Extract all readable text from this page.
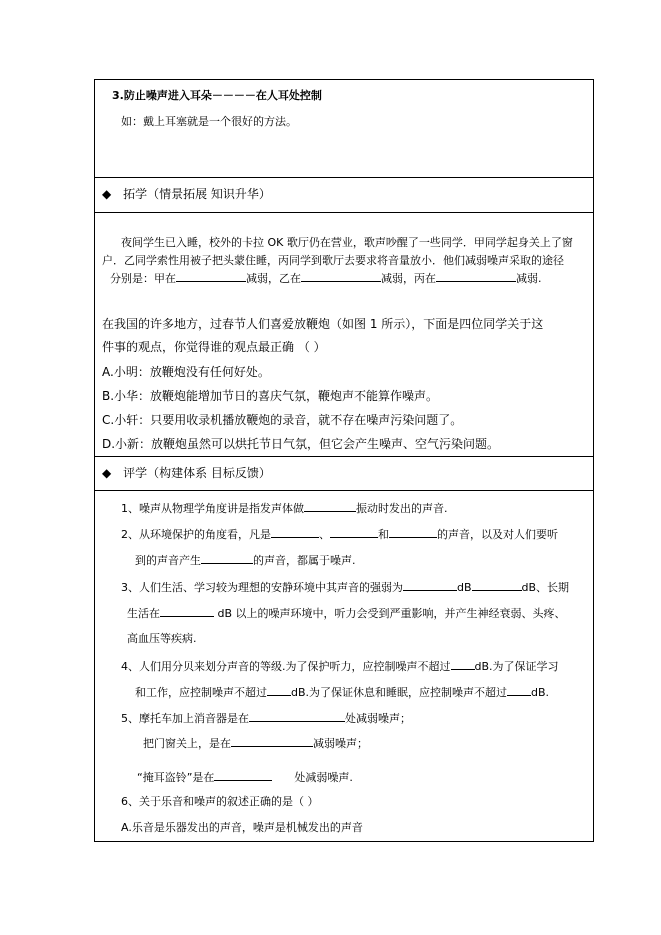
3.防止噪声进入耳朵－－－－在人耳处控制
如：戴上耳塞就是一个很好的方法。
◆ 拓学（情景拓展 知识升华）
夜间学生已入睡，校外的卡拉 OK 歌厅仍在营业，歌声吵醒了一些同学．甲同学起身关上了窗
户．乙同学索性用被子把头蒙住睡，丙同学到歌厅去要求将音量放小．他们减弱噪声采取的途径
分别是：甲在	减弱，乙在	减弱，丙在	减弱.
在我国的许多地方，过春节人们喜爱放鞭炮（如图 1 所示），下面是四位同学关于这
件事的观点，你觉得谁的观点最正确 （ ）
A.小明：放鞭炮没有任何好处。
B.小华：放鞭炮能增加节日的喜庆气氛，鞭炮声不能算作噪声。
C.小轩：只要用收录机播放鞭炮的录音，就不存在噪声污染问题了。
D.小新：放鞭炮虽然可以烘托节日气氛，但它会产生噪声、空气污染问题。
◆ 评学（构建体系 目标反馈）
1、噪声从物理学角度讲是指发声体做	振动时发出的声音.
2、从环境保护的角度看，凡是	、	和	的声音，以及对人们要听
到的声音产生	的声音，都属于噪声.
3、人们生活、学习较为理想的安静环境中其声音的强弱为	dB	dB、长期
生活在	dB 以上的噪声环境中，听力会受到严重影响，并产生神经衰弱、头疼、
高血压等疾病.
4、人们用分贝来划分声音的等级.为了保护听力，应控制噪声不超过 dB.为了保证学习
和工作，应控制噪声不超过 dB.为了保证休息和睡眠，应控制噪声不超过 dB.
5、摩托车加上消音器是在	处减弱噪声；
把门窗关上，是在	减弱噪声；
“掩耳盗铃”是在	处减弱噪声.
6、关于乐音和噪声的叙述正确的是（ ）
A.乐音是乐器发出的声音，噪声是机械发出的声音
